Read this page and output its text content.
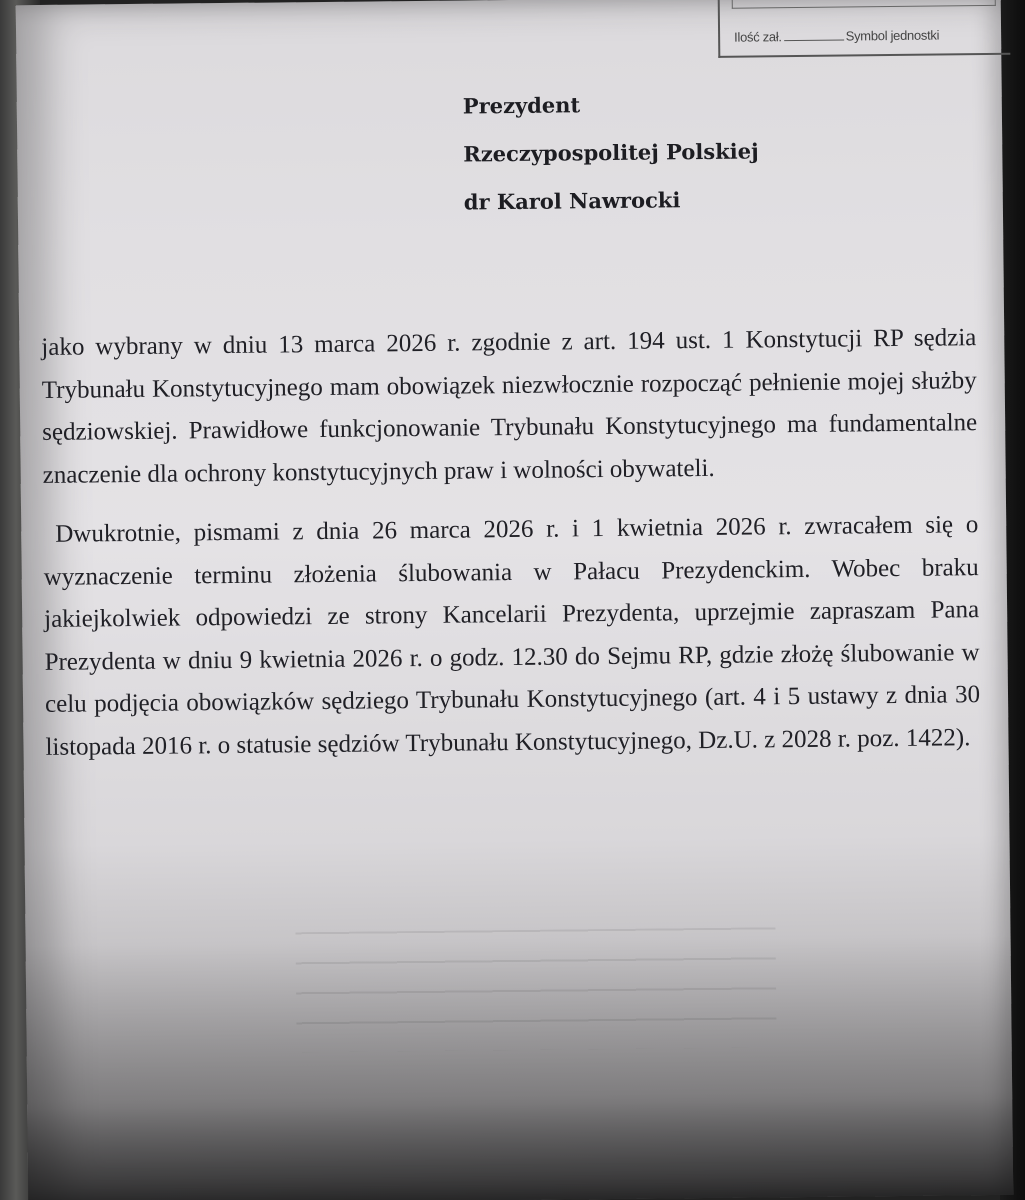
Ilość zał.	Symbol jednostki
Prezydent
Rzeczypospolitej Polskiej
dr Karol Nawrocki

jako wybrany w dniu 13 marca 2026 r. zgodnie z art. 194 ust. 1 Konstytucji RP sędzia Trybunału Konstytucyjnego mam obowiązek niezwłocznie rozpocząć pełnienie mojej służby sędziowskiej. Prawidłowe funkcjonowanie Trybunału Konstytucyjnego ma fundamentalne znaczenie dla ochrony konstytucyjnych praw i wolności obywateli.

Dwukrotnie, pismami z dnia 26 marca 2026 r. i 1 kwietnia 2026 r. zwracałem się o wyznaczenie terminu złożenia ślubowania w Pałacu Prezydenckim. Wobec braku jakiejkolwiek odpowiedzi ze strony Kancelarii Prezydenta, uprzejmie zapraszam Pana Prezydenta w dniu 9 kwietnia 2026 r. o godz. 12.30 do Sejmu RP, gdzie złożę ślubowanie w celu podjęcia obowiązków sędziego Trybunału Konstytucyjnego (art. 4 i 5 ustawy z dnia 30 listopada 2016 r. o statusie sędziów Trybunału Konstytucyjnego, Dz.U. z 2028 r. poz. 1422).
